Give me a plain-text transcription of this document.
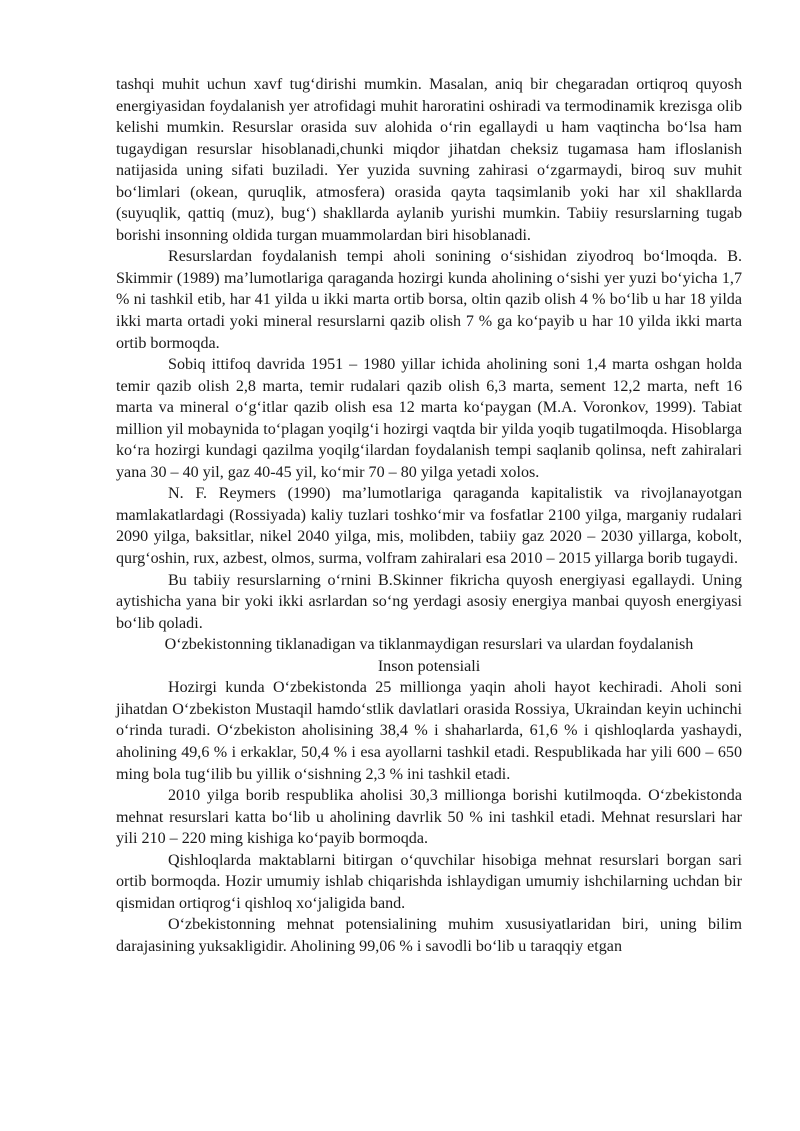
tashqi muhit uchun xavf tug‘dirishi mumkin. Masalan, aniq bir chegaradan ortiqroq quyosh energiyasidan foydalanish yer atrofidagi muhit haroratini oshiradi va termodinamik krezisga olib kelishi mumkin. Resurslar orasida suv alohida o‘rin egallaydi u ham vaqtincha bo‘lsa ham tugaydigan resurslar hisoblanadi,chunki miqdor jihatdan cheksiz tugamasa ham ifloslanish natijasida uning sifati buziladi. Yer yuzida suvning zahirasi o‘zgarmaydi, biroq suv muhit bo‘limlari (okean, quruqlik, atmosfera) orasida qayta taqsimlanib yoki har xil shakllarda (suyuqlik, qattiq (muz), bug‘) shakllarda aylanib yurishi mumkin. Tabiiy resurslarning tugab borishi insonning oldida turgan muammolardan biri hisoblanadi.

Resurslardan foydalanish tempi aholi sonining o‘sishidan ziyodroq bo‘lmoqda. B. Skimmir (1989) ma’lumotlariga qaraganda hozirgi kunda aholining o‘sishi yer yuzi bo‘yicha 1,7 % ni tashkil etib, har 41 yilda u ikki marta ortib borsa, oltin qazib olish 4 % bo‘lib u har 18 yilda ikki marta ortadi yoki mineral resurslarni qazib olish 7 % ga ko‘payib u har 10 yilda ikki marta ortib bormoqda.

Sobiq ittifoq davrida 1951 – 1980 yillar ichida aholining soni 1,4 marta oshgan holda temir qazib olish 2,8 marta, temir rudalari qazib olish 6,3 marta, sement 12,2 marta, neft 16 marta va mineral o‘g‘itlar qazib olish esa 12 marta ko‘paygan (M.A. Voronkov, 1999). Tabiat million yil mobaynida to‘plagan yoqilg‘i hozirgi vaqtda bir yilda yoqib tugatilmoqda. Hisoblarga ko‘ra hozirgi kundagi qazilma yoqilg‘ilardan foydalanish tempi saqlanib qolinsa, neft zahiralari yana 30 – 40 yil, gaz 40-45 yil, ko‘mir 70 – 80 yilga yetadi xolos.

N. F. Reymers (1990) ma’lumotlariga qaraganda kapitalistik va rivojlanayotgan mamlakatlardagi (Rossiyada) kaliy tuzlari toshko‘mir va fosfatlar 2100 yilga, marganiy rudalari 2090 yilga, baksitlar, nikel 2040 yilga, mis, molibden, tabiiy gaz 2020 – 2030 yillarga, kobolt, qurg‘oshin, rux, azbest, olmos, surma, volfram zahiralari esa 2010 – 2015 yillarga borib tugaydi.

Bu tabiiy resurslarning o‘rnini B.Skinner fikricha quyosh energiyasi egallaydi. Uning aytishicha yana bir yoki ikki asrlardan so‘ng yerdagi asosiy energiya manbai quyosh energiyasi bo‘lib qoladi.

O‘zbekistonning tiklanadigan va tiklanmaydigan resurslari va ulardan foydalanish
Inson potensiali

Hozirgi kunda O‘zbekistonda 25 millionga yaqin aholi hayot kechiradi. Aholi soni jihatdan O‘zbekiston Mustaqil hamdo‘stlik davlatlari orasida Rossiya, Ukraindan keyin uchinchi o‘rinda turadi. O‘zbekiston aholisining 38,4 % i shaharlarda, 61,6 % i qishloqlarda yashaydi, aholining 49,6 % i erkaklar, 50,4 % i esa ayollarni tashkil etadi. Respublikada har yili 600 – 650 ming bola tug‘ilib bu yillik o‘sishning 2,3 % ini tashkil etadi.

2010 yilga borib respublika aholisi 30,3 millionga borishi kutilmoqda. O‘zbekistonda mehnat resurslari katta bo‘lib u aholining davrlik 50 % ini tashkil etadi. Mehnat resurslari har yili 210 – 220 ming kishiga ko‘payib bormoqda.

Qishloqlarda maktablarni bitirgan o‘quvchilar hisobiga mehnat resurslari borgan sari ortib bormoqda. Hozir umumiy ishlab chiqarishda ishlaydigan umumiy ishchilarning uchdan bir qismidan ortiqrog‘i qishloq xo‘jaligida band.

O‘zbekistonning mehnat potensialining muhim xususiyatlaridan biri, uning bilim darajasining yuksakligidir. Aholining 99,06 % i savodli bo‘lib u taraqqiy etgan
